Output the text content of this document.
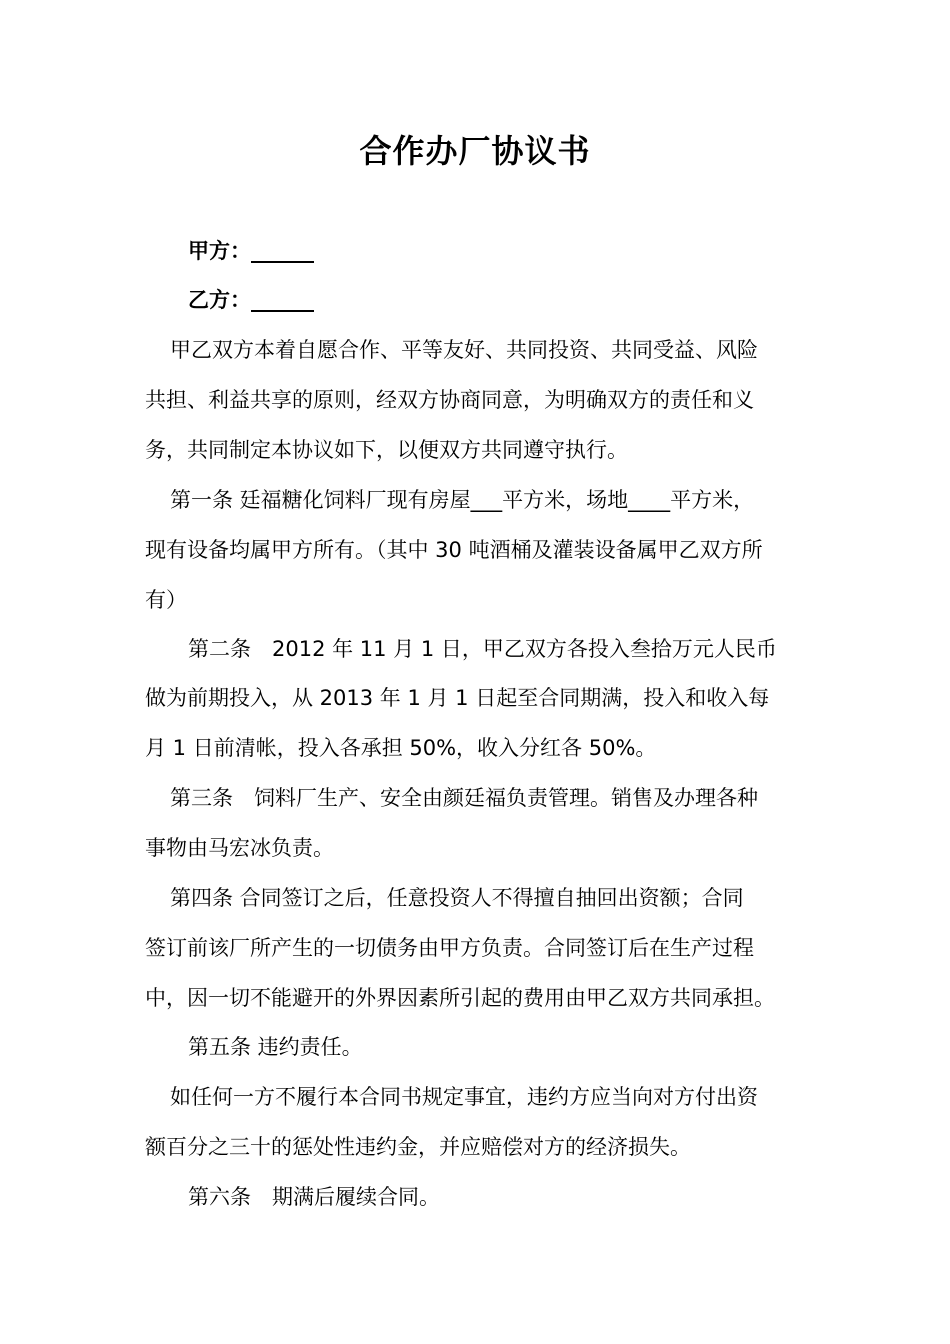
合作办厂协议书
甲方：______
乙方：______
甲乙双方本着自愿合作、平等友好、共同投资、共同受益、风险
共担、利益共享的原则，经双方协商同意，为明确双方的责任和义
务，共同制定本协议如下，以便双方共同遵守执行。
第一条 廷福糖化饲料厂现有房屋___平方米，场地____平方米，
现有设备均属甲方所有。（其中 30 吨酒桶及灌装设备属甲乙双方所
有）
第二条　2012 年 11 月 1 日，甲乙双方各投入叁拾万元人民币
做为前期投入，从 2013 年 1 月 1 日起至合同期满，投入和收入每
月 1 日前清帐，投入各承担 50%，收入分红各 50%。
第三条　饲料厂生产、安全由颜廷福负责管理。销售及办理各种
事物由马宏冰负责。
第四条 合同签订之后，任意投资人不得擅自抽回出资额；合同
签订前该厂所产生的一切债务由甲方负责。合同签订后在生产过程
中，因一切不能避开的外界因素所引起的费用由甲乙双方共同承担。
第五条 违约责任。
如任何一方不履行本合同书规定事宜，违约方应当向对方付出资
额百分之三十的惩处性违约金，并应赔偿对方的经济损失。
第六条　期满后履续合同。
